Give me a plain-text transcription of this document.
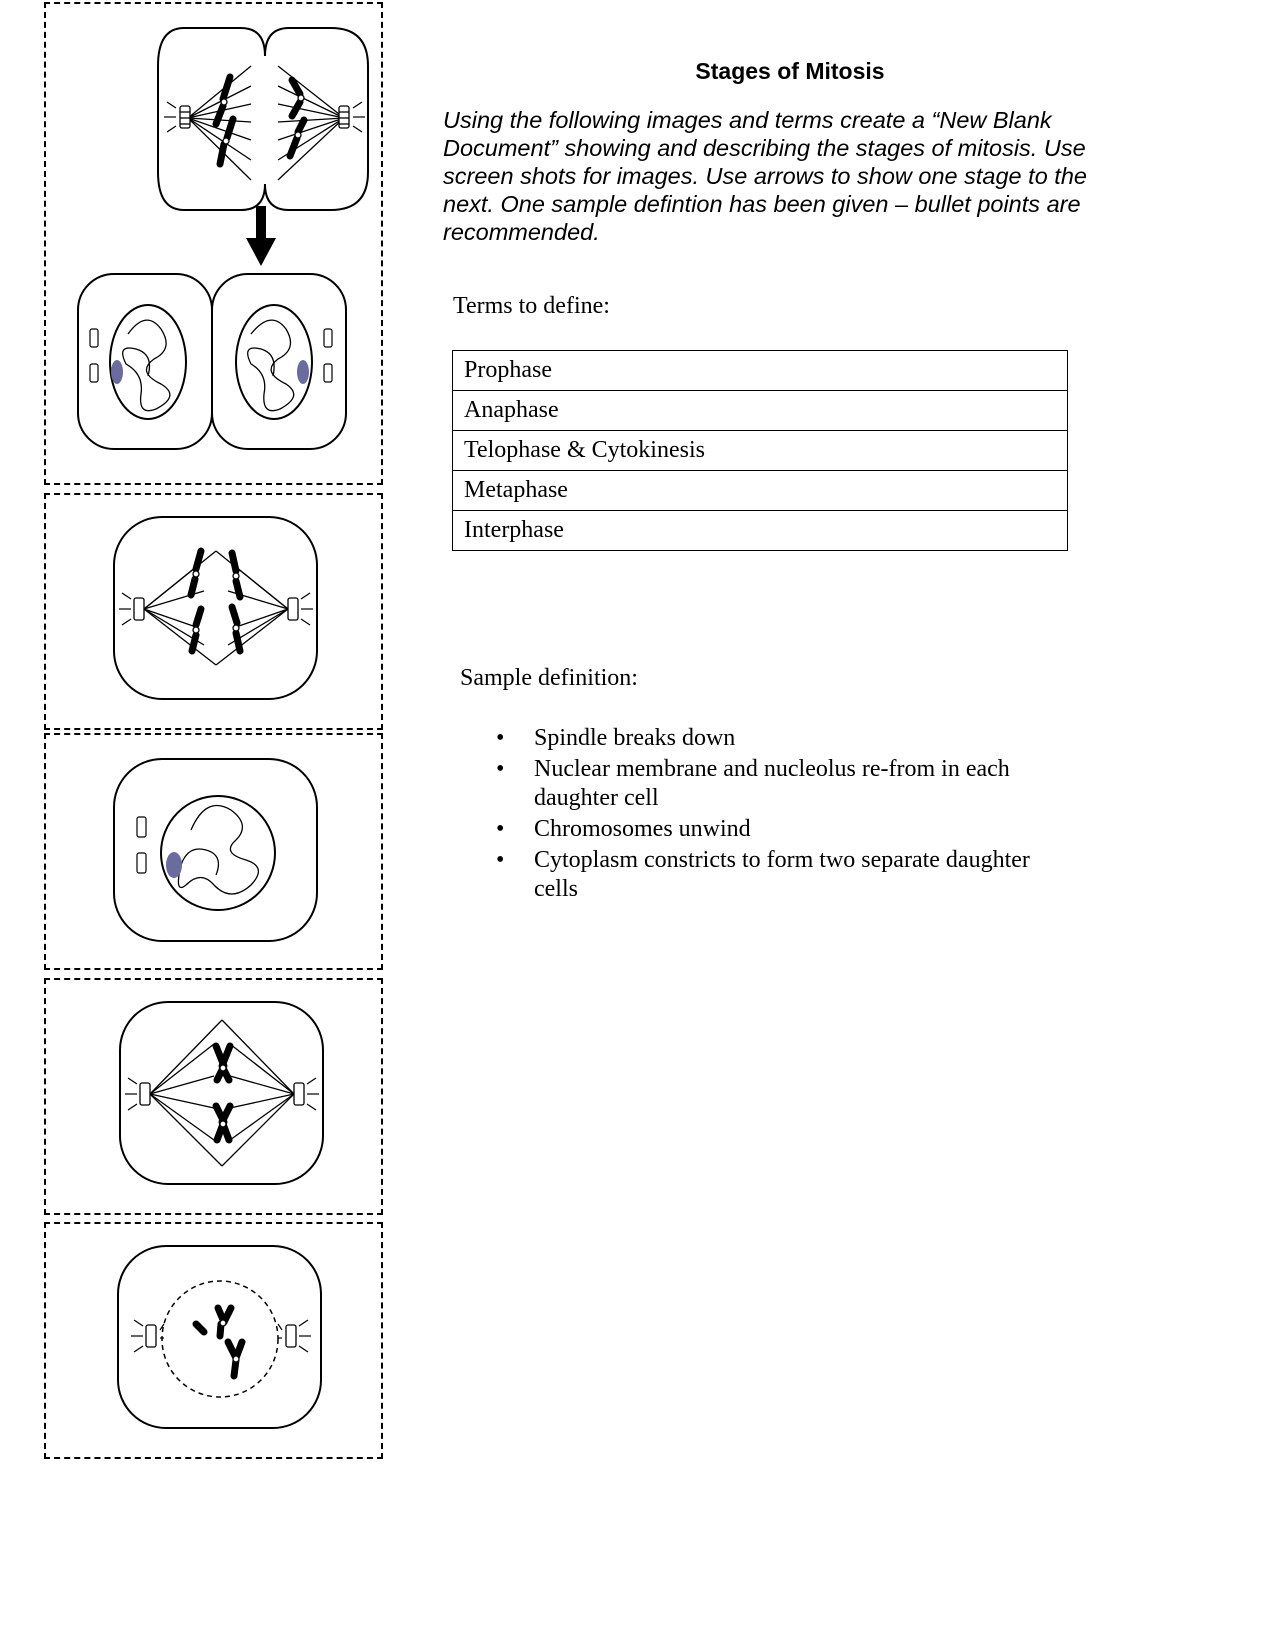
Stages of Mitosis

Using the following images and terms create a “New Blank Document” showing and describing the stages of mitosis. Use screen shots for images. Use arrows to show one stage to the next. One sample defintion has been given – bullet points are recommended.

Terms to define:

Prophase
Anaphase
Telophase & Cytokinesis
Metaphase
Interphase

Sample definition:

• Spindle breaks down
• Nuclear membrane and nucleolus re-from in each daughter cell
• Chromosomes unwind
• Cytoplasm constricts to form two separate daughter cells
